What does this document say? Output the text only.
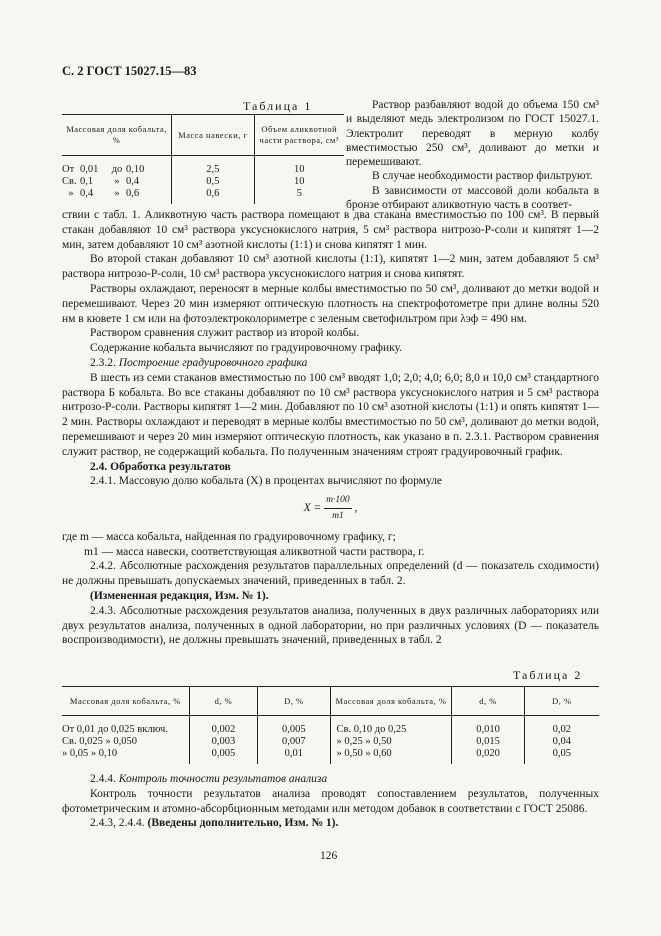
С. 2 ГОСТ 15027.15—83
Таблица 1
Массовая доля кобальта, %	Масса навески, г	Объем аликвотной части раствора, см³
От 0,01 до 0,10	2,5	10
Св. 0,1 » 0,4	0,5	10
» 0,4 » 0,6	0,6	5

Раствор разбавляют водой до объема 150 см³ и выделяют медь электролизом по ГОСТ 15027.1. Электролит переводят в мерную колбу вместимостью 250 см³, доливают до метки и перемешивают.

В случае необходимости раствор фильтруют.

В зависимости от массовой доли кобальта в бронзе отбирают аликвотную часть в соответ-

ствии с табл. 1. Аликвотную часть раствора помещают в два стакана вместимостью по 100 см³. В первый стакан добавляют 10 см³ раствора уксуснокислого натрия, 5 см³ раствора нитрозо-Р-соли и кипятят 1—2 мин, затем добавляют 10 см³ азотной кислоты (1:1) и снова кипятят 1 мин.

Во второй стакан добавляют 10 см³ азотной кислоты (1:1), кипятят 1—2 мин, затем добавляют 5 см³ раствора нитрозо-Р-соли, 10 см³ раствора уксуснокислого натрия и снова кипятят.

Растворы охлаждают, переносят в мерные колбы вместимостью по 50 см³, доливают до метки водой и перемешивают. Через 20 мин измеряют оптическую плотность на спектрофотометре при длине волны 520 нм в кювете 1 см или на фотоэлектроколориметре с зеленым светофильтром при λэф = 490 нм.

Раствором сравнения служит раствор из второй колбы.

Содержание кобальта вычисляют по градуировочному графику.

2.3.2. Построение градуировочного графика

В шесть из семи стаканов вместимостью по 100 см³ вводят 1,0; 2,0; 4,0; 6,0; 8,0 и 10,0 см³ стандартного раствора Б кобальта. Во все стаканы добавляют по 10 см³ раствора уксуснокислого натрия и 5 см³ раствора нитрозо-Р-соли. Растворы кипятят 1—2 мин. Добавляют по 10 см³ азотной кислоты (1:1) и опять кипятят 1—2 мин. Растворы охлаждают и переводят в мерные колбы вместимостью по 50 см³, доливают до метки водой, перемешивают и через 20 мин измеряют оптическую плотность, как указано в п. 2.3.1. Раствором сравнения служит раствор, не содержащий кобальта. По полученным значениям строят градуировочный график.

2.4. Обработка результатов

2.4.1. Массовую долю кобальта (X) в процентах вычисляют по формуле

$X = \frac{m\cdot 100}{m1}$ ,

где m — масса кобальта, найденная по градуировочному графику, г;

m1 — масса навески, соответствующая аликвотной части раствора, г.

2.4.2. Абсолютные расхождения результатов параллельных определений (d — показатель сходимости) не должны превышать допускаемых значений, приведенных в табл. 2.

(Измененная редакция, Изм. № 1).

2.4.3. Абсолютные расхождения результатов анализа, полученных в двух различных лабораториях или двух результатов анализа, полученных в одной лаборатории, но при различных условиях (D — показатель воспроизводимости), не должны превышать значений, приведенных в табл. 2

Таблица 2
Массовая доля кобальта, %	d, %	D, %	Массовая доля кобальта, %	d, %	D, %
От 0,01 до 0,025 включ.	0,002	0,005	Св. 0,10 до 0,25	0,010	0,02
Св. 0,025 » 0,050	0,003	0,007	» 0,25 » 0,50	0,015	0,04
» 0,05 » 0,10	0,005	0,01	» 0,50 » 0,60	0,020	0,05

2.4.4. Контроль точности результатов анализа

Контроль точности результатов анализа проводят сопоставлением результатов, полученных фотометрическим и атомно-абсорбционным методами или методом добавок в соответствии с ГОСТ 25086.

2.4.3, 2.4.4. (Введены дополнительно, Изм. № 1).

126
